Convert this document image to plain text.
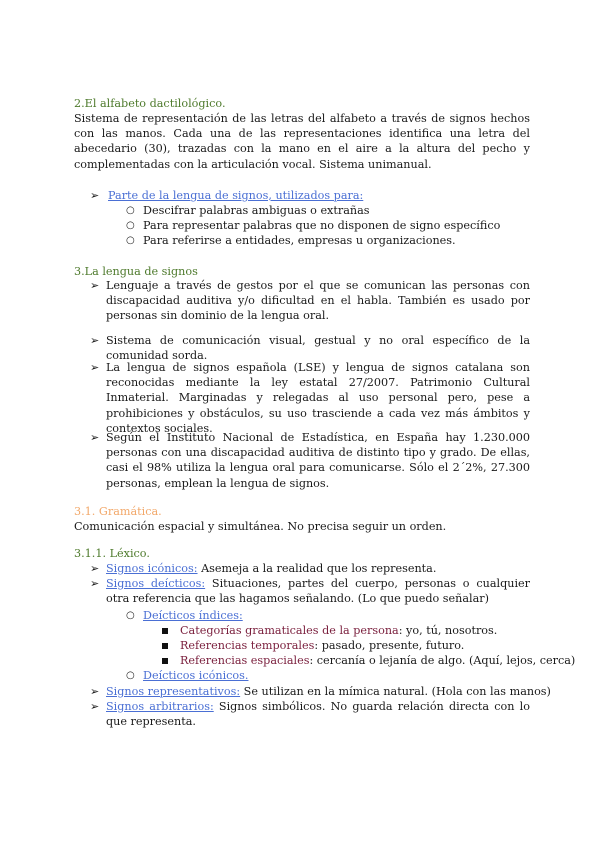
2.El alfabeto dactilológico.
Sistema de representación de las letras del alfabeto a través de signos hechos con las manos. Cada una de las representaciones identifica una letra del abecedario (30), trazadas con la mano en el aire a la altura del pecho y complementadas con la articulación vocal. Sistema unimanual.
➢ Parte de la lengua de signos, utilizados para:
○ Descifrar palabras ambiguas o extrañas
○ Para representar palabras que no disponen de signo específico
○ Para referirse a entidades, empresas u organizaciones.
3.La lengua de signos
➢ Lenguaje a través de gestos por el que se comunican las personas con discapacidad auditiva y/o dificultad en el habla. También es usado por personas sin dominio de la lengua oral.
➢ Sistema de comunicación visual, gestual y no oral específico de la comunidad sorda.
➢ La lengua de signos española (LSE) y lengua de signos catalana son reconocidas mediante la ley estatal 27/2007. Patrimonio Cultural Inmaterial. Marginadas y relegadas al uso personal pero, pese a prohibiciones y obstáculos, su uso trasciende a cada vez más ámbitos y contextos sociales.
➢ Según el Instituto Nacional de Estadística, en España hay 1.230.000 personas con una discapacidad auditiva de distinto tipo y grado. De ellas, casi el 98% utiliza la lengua oral para comunicarse. Sólo el 2´2%, 27.300 personas, emplean la lengua de signos.
3.1. Gramática.
Comunicación espacial y simultánea. No precisa seguir un orden.
3.1.1. Léxico.
➢ Signos icónicos: Asemeja a la realidad que los representa.
➢ Signos deícticos: Situaciones, partes del cuerpo, personas o cualquier otra referencia que las hagamos señalando. (Lo que puedo señalar)
○ Deícticos índices:
Categorías gramaticales de la persona: yo, tú, nosotros.
Referencias temporales: pasado, presente, futuro.
Referencias espaciales: cercanía o lejanía de algo. (Aquí, lejos, cerca)
○ Deícticos icónicos.
➢ Signos representativos: Se utilizan en la mímica natural. (Hola con las manos)
➢ Signos arbitrarios: Signos simbólicos. No guarda relación directa con lo que representa.
